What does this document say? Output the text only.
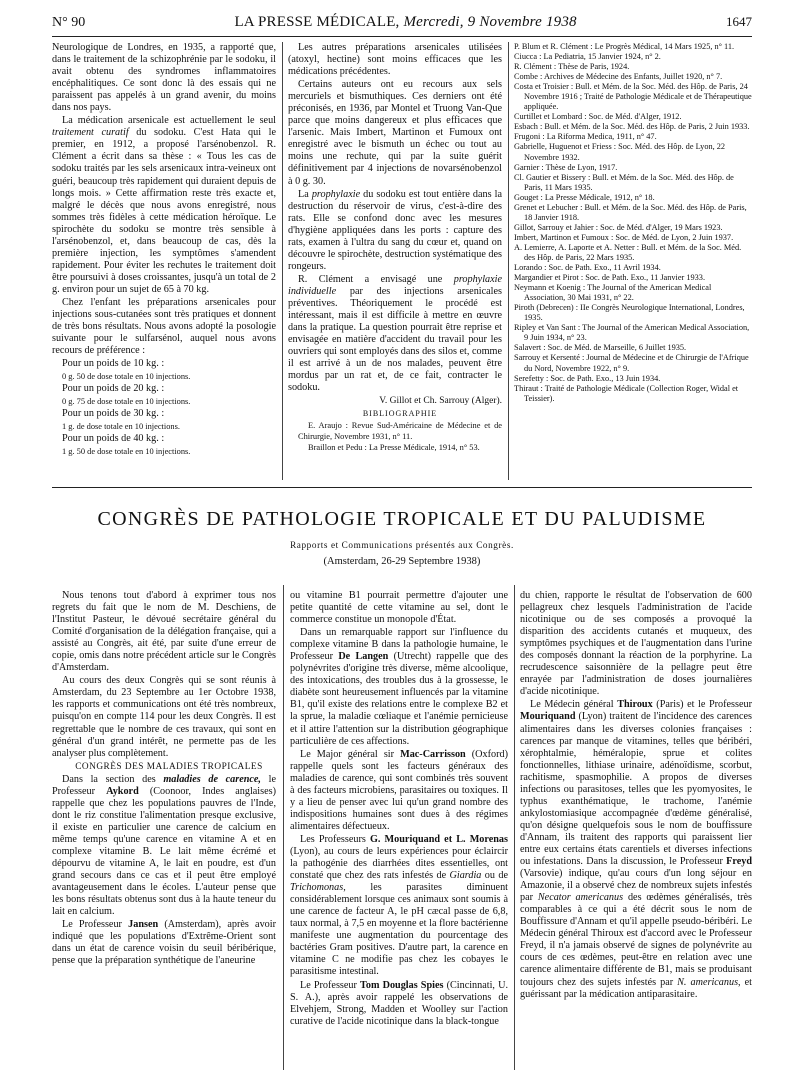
N° 90	LA PRESSE MÉDICALE, Mercredi, 9 Novembre 1938	1647

Neurologique de Londres, en 1935, a rapporté que, dans le traitement de la schizophrénie par le sodoku, il avait obtenu des syndromes inflammatoires encéphalitiques. Ce sont donc là des essais qui ne paraissent pas appelés à un grand avenir, du moins dans nos pays.

La médication arsenicale est actuellement le seul traitement curatif du sodoku. C'est Hata qui le premier, en 1912, a proposé l'arsénobenzol. R. Clément a écrit dans sa thèse : « Tous les cas de sodoku traités par les sels arsenicaux intra-veineux ont guéri, beaucoup très rapidement qui duraient depuis de longs mois. » Cette affirmation reste très exacte et, malgré le décès que nous avons enregistré, nous sommes très fidèles à cette médication héroïque. Le spirochète du sodoku se montre très sensible à l'arsénobenzol, et, dans beaucoup de cas, dès la première injection, les symptômes s'amendent rapidement. Pour éviter les rechutes le traitement doit être poursuivi à doses croissantes, jusqu'à un total de 2 g. environ pour un sujet de 65 à 70 kg.

Chez l'enfant les préparations arsenicales pour injections sous-cutanées sont très pratiques et donnent de très bons résultats. Nous avons adopté la posologie suivante pour le sulfarsénol, auquel nous avons recours de préférence :

Pour un poids de 10 kg. :

0 g. 50 de dose totale en 10 injections.

Pour un poids de 20 kg. :

0 g. 75 de dose totale en 10 injections.

Pour un poids de 30 kg. :

1 g. de dose totale en 10 injections.

Pour un poids de 40 kg. :

1 g. 50 de dose totale en 10 injections.

Les autres préparations arsenicales utilisées (atoxyl, hectine) sont moins efficaces que les médications précédentes.

Certains auteurs ont eu recours aux sels mercuriels et bismuthiques. Ces derniers ont été préconisés, en 1936, par Montel et Truong Van-Que parce que moins dangereux et plus efficaces que l'arsenic. Mais Imbert, Martinon et Fumoux ont enregistré avec le bismuth un échec ou tout au moins une rechute, qui par la suite guérit définitivement par 4 injections de novarsénobenzol à 0 g. 30.

La prophylaxie du sodoku est tout entière dans la destruction du réservoir de virus, c'est-à-dire des rats. Elle se confond donc avec les mesures d'hygiène appliquées dans les ports : capture des rats, examen à l'ultra du sang du cœur et, quand on découvre le spirochète, destruction systématique des rongeurs.

R. Clément a envisagé une prophylaxie individuelle par des injections arsenicales préventives. Théoriquement le procédé est intéressant, mais il est difficile à mettre en œuvre dans la pratique. La question pourrait être reprise et envisagée en matière d'accident du travail pour les ouvriers qui sont employés dans des silos et, comme il est arrivé à un de nos malades, peuvent être mordus par un rat et, de ce fait, contracter le sodoku.

V. Gillot et Ch. Sarrouy (Alger).

BIBLIOGRAPHIE

E. Araujo : Revue Sud-Américaine de Médecine et de Chirurgie, Novembre 1931, n° 11.

Braillon et Pedu : La Presse Médicale, 1914, n° 53.

P. Blum et R. Clément : Le Progrès Médical, 14 Mars 1925, n° 11.

Ciucca : La Pediatria, 15 Janvier 1924, n° 2.

R. Clément : Thèse de Paris, 1924.

Combe : Archives de Médecine des Enfants, Juillet 1920, n° 7.

Costa et Troisier : Bull. et Mém. de la Soc. Méd. des Hôp. de Paris, 24 Novembre 1916 ; Traité de Pathologie Médicale et de Thérapeutique appliquée.

Curtillet et Lombard : Soc. de Méd. d'Alger, 1912.

Esbach : Bull. et Mém. de la Soc. Méd. des Hôp. de Paris, 2 Juin 1933.

Frugoni : La Riforma Medica, 1911, n° 47.

Gabrielle, Huguenot et Friess : Soc. Méd. des Hôp. de Lyon, 22 Novembre 1932.

Garnier : Thèse de Lyon, 1917.

Cl. Gautier et Bissery : Bull. et Mém. de la Soc. Méd. des Hôp. de Paris, 11 Mars 1935.

Gouget : La Presse Médicale, 1912, n° 18.

Grenet et Lebucher : Bull. et Mém. de la Soc. Méd. des Hôp. de Paris, 18 Janvier 1918.

Gillot, Sarrouy et Jahier : Soc. de Méd. d'Alger, 19 Mars 1923.

Imbert, Martinon et Fumoux : Soc. de Méd. de Lyon, 2 Juin 1937.

A. Lemierre, A. Laporte et A. Netter : Bull. et Mém. de la Soc. Méd. des Hôp. de Paris, 22 Mars 1935.

Lorando : Soc. de Path. Exo., 11 Avril 1934.

Margandier et Pirot : Soc. de Path. Exo., 11 Janvier 1933.

Neymann et Koenig : The Journal of the American Medical Association, 30 Mai 1931, n° 22.

Piroth (Debrecen) : IIe Congrès Neurologique International, Londres, 1935.

Ripley et Van Sant : The Journal of the American Medical Association, 9 Juin 1934, n° 23.

Salavert : Soc. de Méd. de Marseille, 6 Juillet 1935.

Sarrouy et Kersenté : Journal de Médecine et de Chirurgie de l'Afrique du Nord, Novembre 1922, n° 9.

Serefetty : Soc. de Path. Exo., 13 Juin 1934.

Thiraut : Traité de Pathologie Médicale (Collection Roger, Widal et Teissier).

CONGRÈS DE PATHOLOGIE TROPICALE ET DU PALUDISME
Rapports et Communications présentés aux Congrès.
(Amsterdam, 26-29 Septembre 1938)

Nous tenons tout d'abord à exprimer tous nos regrets du fait que le nom de M. Deschiens, de l'Institut Pasteur, le dévoué secrétaire général du Comité d'organisation de la délégation française, qui a assisté au Congrès, ait été, par suite d'une erreur de copie, omis dans notre précédent article sur le Congrès d'Amsterdam.

Au cours des deux Congrès qui se sont réunis à Amsterdam, du 23 Septembre au 1er Octobre 1938, les rapports et communications ont été très nombreux, puisqu'on en compte 114 pour les deux Congrès. Il est regrettable que le nombre de ces travaux, qui sont en général d'un grand intérêt, ne permette pas de les analyser plus complètement.

CONGRÈS DES MALADIES TROPICALES

Dans la section des maladies de carence, le Professeur Aykord (Coonoor, Indes anglaises) rappelle que chez les populations pauvres de l'Inde, dont le riz constitue l'alimentation presque exclusive, il existe en particulier une carence de calcium en même temps qu'une carence en vitamine A et en complexe vitamine B. Le lait même écrémé et dépourvu de vitamine A, le lait en poudre, est d'un grand secours dans ce cas et il peut être employé avantageusement dans le écoles. L'auteur pense que les bons résultats obtenus sont dus à la haute teneur du lait en calcium.

Le Professeur Jansen (Amsterdam), après avoir indiqué que les populations d'Extrême-Orient sont dans un état de carence voisin du seuil béribérique, pense que la préparation synthétique de l'aneurine

ou vitamine B1 pourrait permettre d'ajouter une petite quantité de cette vitamine au sel, dont le commerce constitue un monopole d'État.

Dans un remarquable rapport sur l'influence du complexe vitamine B dans la pathologie humaine, le Professeur De Langen (Utrecht) rappelle que des polynévrites d'origine très diverse, même alcoolique, des intoxications, des troubles dus à la grossesse, le diabète sont heureusement influencés par la vitamine B1, qu'il existe des relations entre le complexe B2 et la sprue, la maladie cœliaque et l'anémie pernicieuse et il attire l'attention sur la distribution géographique particulière de ces affections.

Le Major général sir Mac-Carrisson (Oxford) rappelle quels sont les facteurs généraux des maladies de carence, qui sont combinés très souvent à des facteurs microbiens, parasitaires ou toxiques. Il y a lieu de penser avec lui qu'un grand nombre des indispositions humaines sont dues à des régimes alimentaires défectueux.

Les Professeurs G. Mouriquand et L. Morenas (Lyon), au cours de leurs expériences pour éclaircir la pathogénie des diarrhées dites essentielles, ont constaté que chez des rats infestés de Giardia ou de Trichomonas, les parasites diminuent considérablement lorsque ces animaux sont soumis à une carence de facteur A, le pH cæcal passe de 6,8, taux normal, à 7,5 en moyenne et la flore bactérienne manifeste une augmentation du pourcentage des bactéries Gram positives. D'autre part, la carence en vitamine C ne modifie pas chez les cobayes le parasitisme intestinal.

Le Professeur Tom Douglas Spies (Cincinnati, U. S. A.), après avoir rappelé les observations de Elvehjem, Strong, Madden et Woolley sur l'action curative de l'acide nicotinique dans la black-tongue

du chien, rapporte le résultat de l'observation de 600 pellagreux chez lesquels l'administration de l'acide nicotinique ou de ses composés a provoqué la disparition des accidents cutanés et muqueux, des symptômes psychiques et de l'augmentation dans l'urine des composés donnant la réaction de la porphyrine. La recrudescence saisonnière de la pellagre peut être enrayée par l'administration de doses journalières d'acide nicotinique.

Le Médecin général Thiroux (Paris) et le Professeur Mouriquand (Lyon) traitent de l'incidence des carences alimentaires dans les diverses colonies françaises : carences par manque de vitamines, telles que béribéri, xérophtalmie, héméralopie, sprue et colites fonctionnelles, lithiase urinaire, adénoïdisme, scorbut, rachitisme, spasmophilie. A propos de diverses infections ou parasitoses, telles que les pyomyosites, le typhus exanthématique, le trachome, l'anémie ankylostomiasique accompagnée d'œdème généralisé, qu'on désigne quelquefois sous le nom de bouffissure d'Annam, ils traitent des rapports qui paraissent lier entre eux certains états carentiels et diverses infections ou infestations. Dans la discussion, le Professeur Freyd (Varsovie) indique, qu'au cours d'un long séjour en Amazonie, il a observé chez de nombreux sujets infestés par Necator americanus des œdèmes généralisés, très comparables à ce qui a été décrit sous le nom de Bouffissure d'Annam et qu'il appelle pseudo-béribéri. Le Médecin général Thiroux est d'accord avec le Professeur Freyd, il n'a jamais observé de signes de polynévrite au cours de ces œdèmes, peut-être en relation avec une carence alimentaire différente de B1, mais se produisant toujours chez des sujets infestés par N. americanus, et guérissant par la médication antiparasitaire.
